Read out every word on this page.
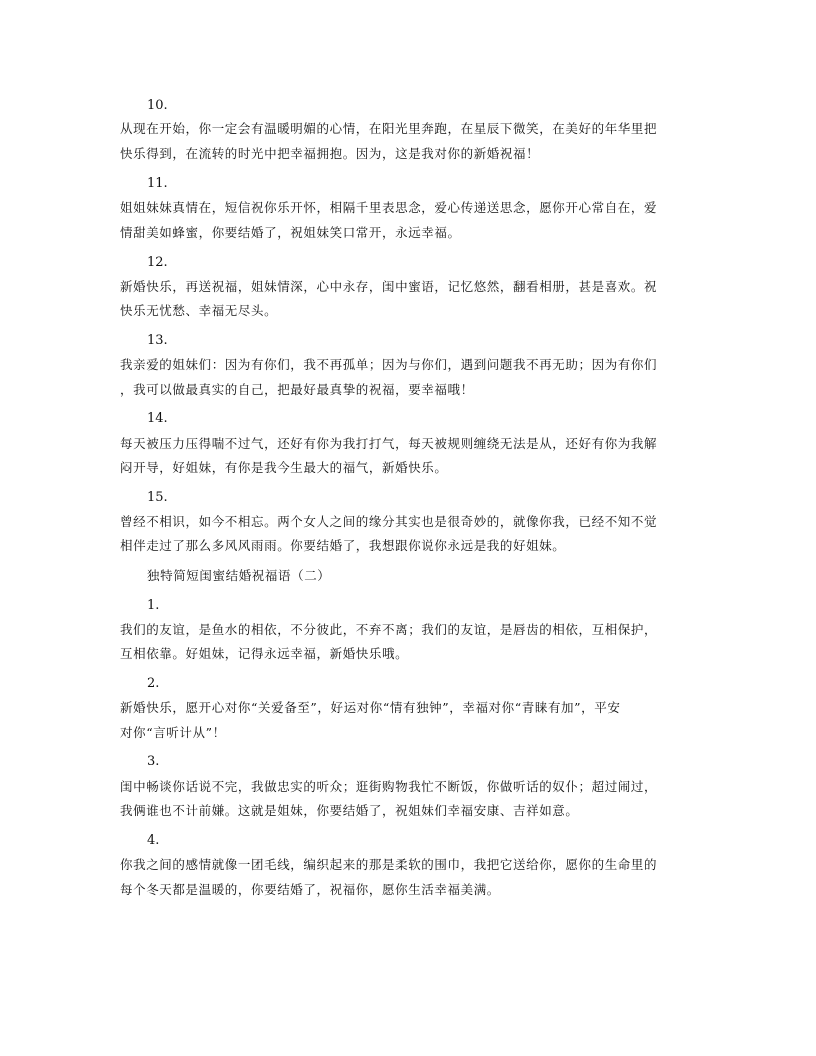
10.
从现在开始，你一定会有温暖明媚的心情，在阳光里奔跑，在星辰下微笑，在美好的年华里把
快乐得到，在流转的时光中把幸福拥抱。因为，这是我对你的新婚祝福！
11.
姐姐妹妹真情在，短信祝你乐开怀，相隔千里表思念，爱心传递送思念，愿你开心常自在，爱
情甜美如蜂蜜，你要结婚了，祝姐妹笑口常开，永远幸福。
12.
新婚快乐，再送祝福，姐妹情深，心中永存，闺中蜜语，记忆悠然，翻看相册，甚是喜欢。祝
快乐无忧愁、幸福无尽头。
13.
我亲爱的姐妹们：因为有你们，我不再孤单；因为与你们，遇到问题我不再无助；因为有你们
，我可以做最真实的自己，把最好最真挚的祝福，要幸福哦！
14.
每天被压力压得喘不过气，还好有你为我打打气，每天被规则缠绕无法是从，还好有你为我解
闷开导，好姐妹，有你是我今生最大的福气，新婚快乐。
15.
曾经不相识，如今不相忘。两个女人之间的缘分其实也是很奇妙的，就像你我，已经不知不觉
相伴走过了那么多风风雨雨。你要结婚了，我想跟你说你永远是我的好姐妹。
独特简短闺蜜结婚祝福语（二）
1.
我们的友谊，是鱼水的相依，不分彼此，不弃不离；我们的友谊，是唇齿的相依，互相保护，
互相依靠。好姐妹，记得永远幸福，新婚快乐哦。
2.
新婚快乐，愿开心对你“关爱备至”，好运对你“情有独钟”，幸福对你“青睐有加”，平安
对你“言听计从”！
3.
闺中畅谈你话说不完，我做忠实的听众；逛街购物我忙不断饭，你做听话的奴仆；超过闹过，
我俩谁也不计前嫌。这就是姐妹，你要结婚了，祝姐妹们幸福安康、吉祥如意。
4.
你我之间的感情就像一团毛线，编织起来的那是柔软的围巾，我把它送给你，愿你的生命里的
每个冬天都是温暖的，你要结婚了，祝福你，愿你生活幸福美满。
